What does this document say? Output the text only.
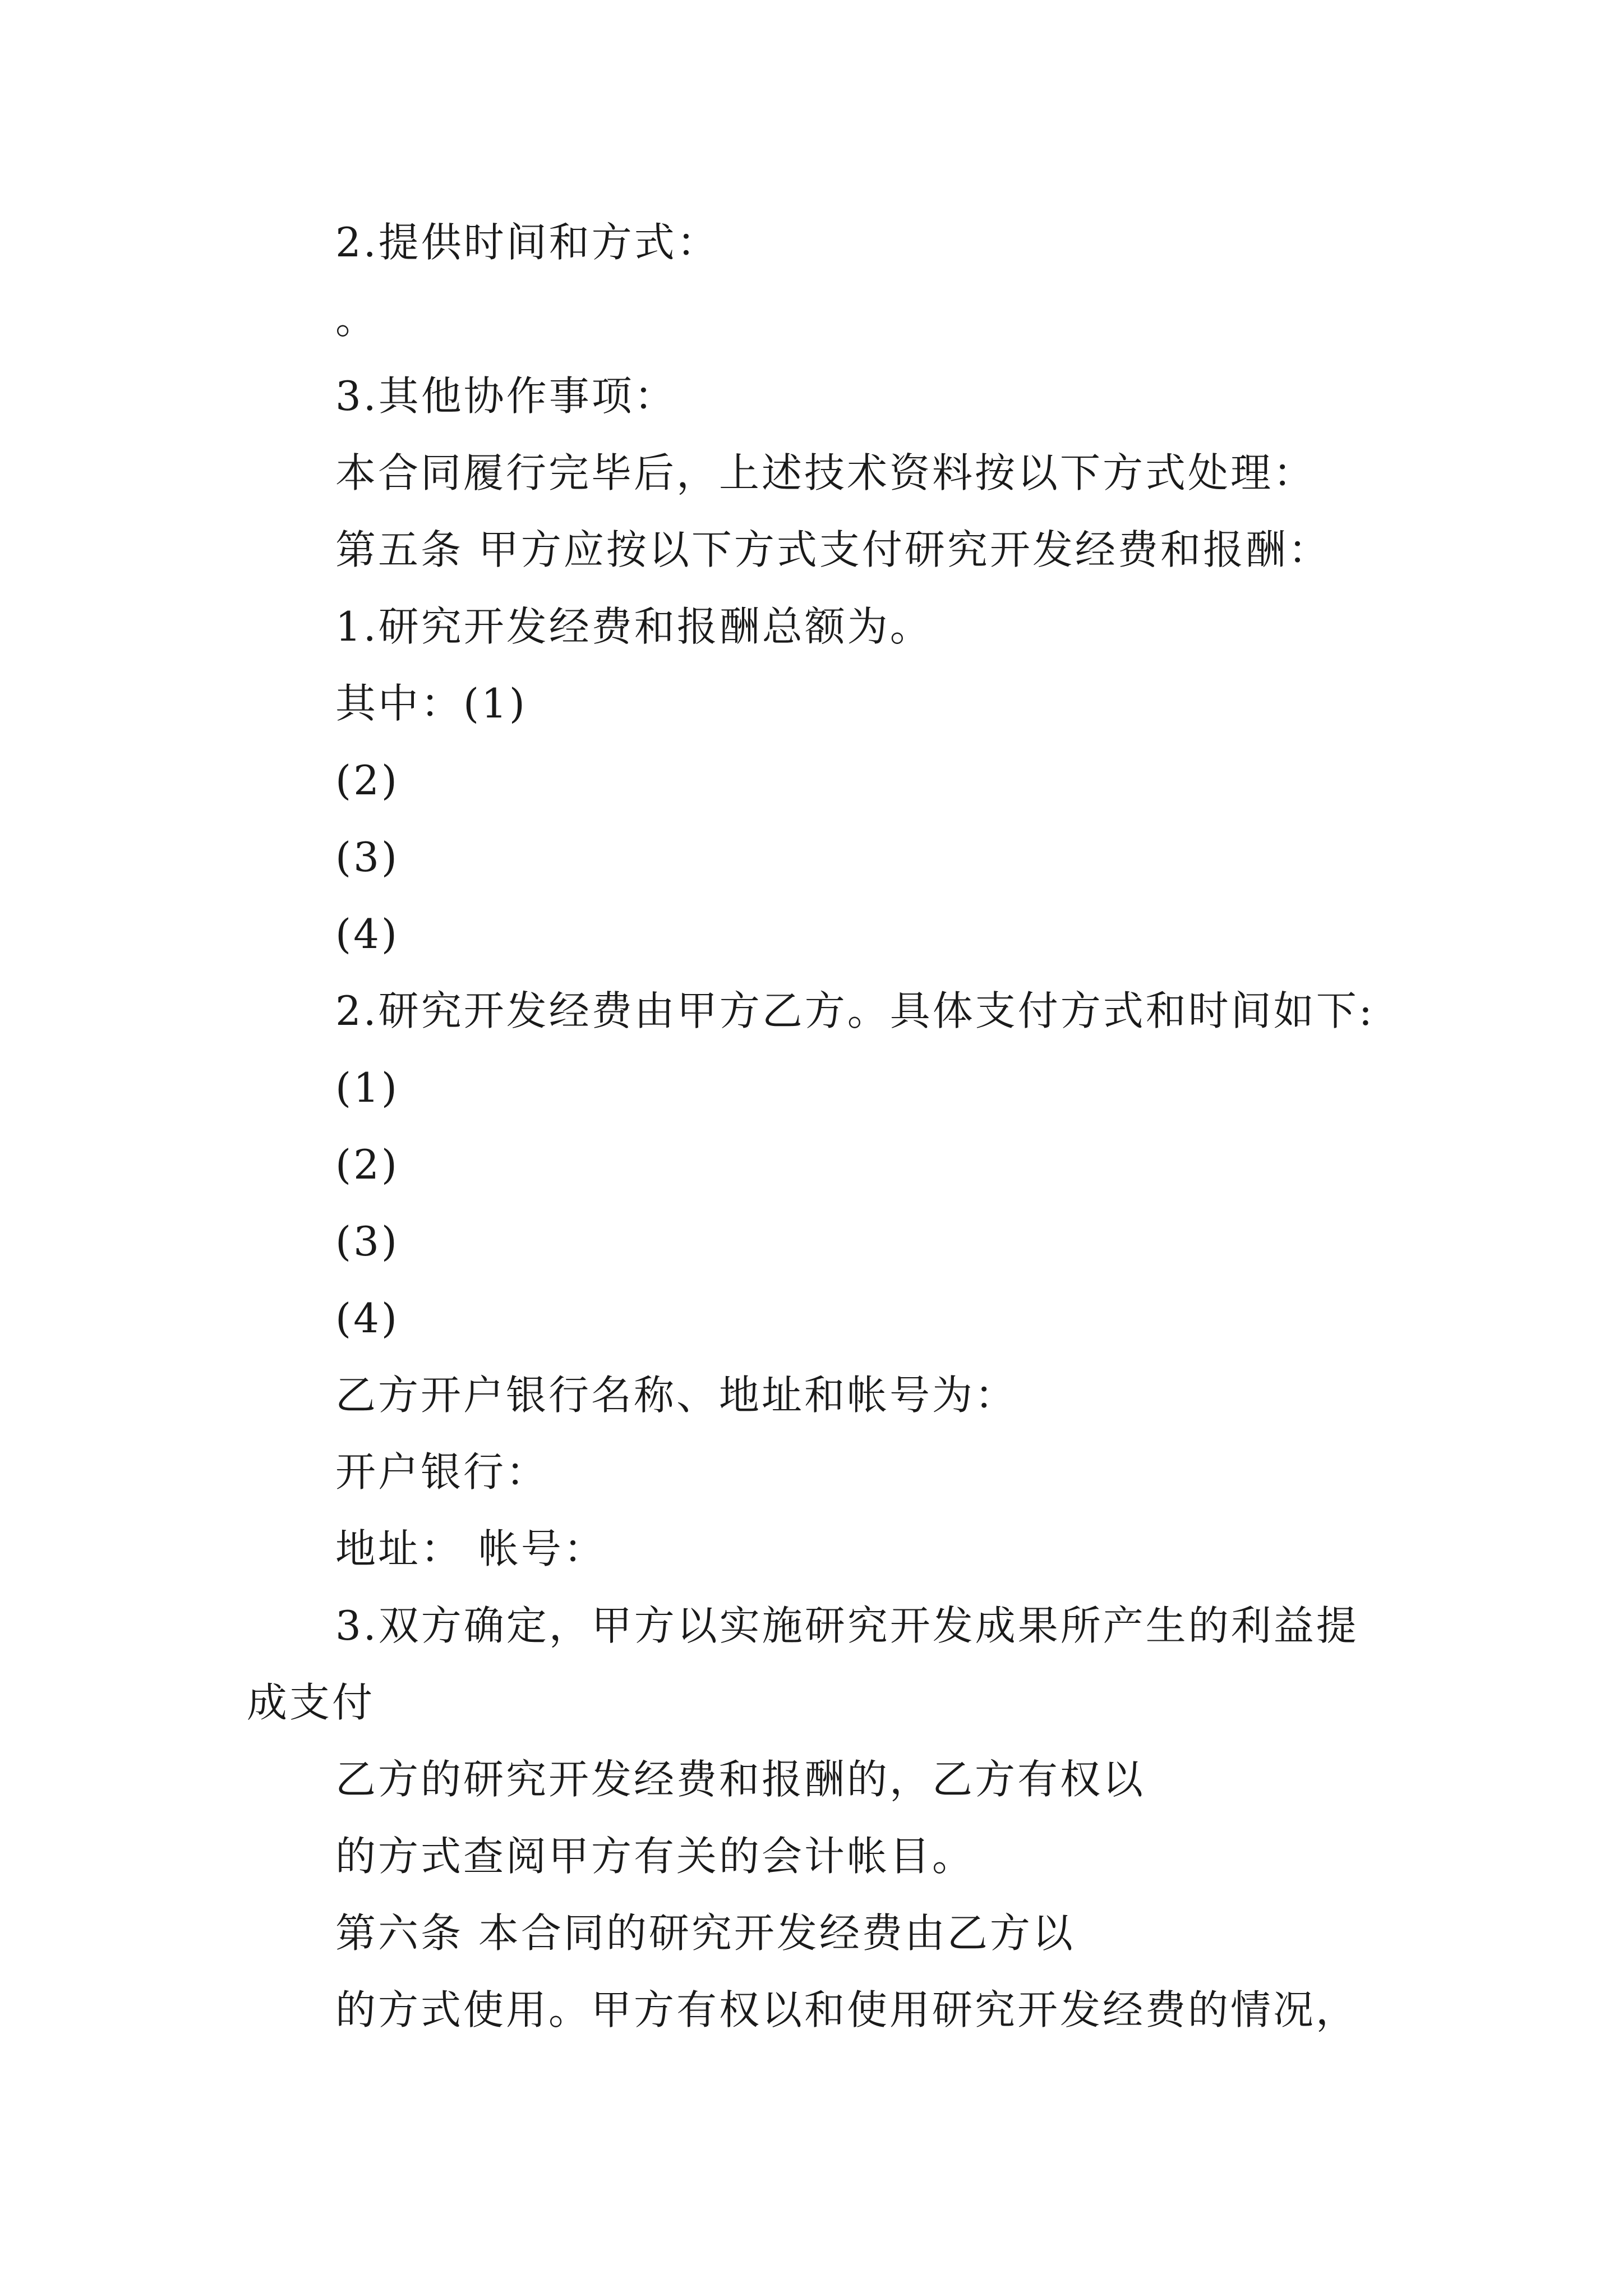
2.提供时间和方式：

。

3.其他协作事项：

本合同履行完毕后，上述技术资料按以下方式处理：

第五条 甲方应按以下方式支付研究开发经费和报酬：

1.研究开发经费和报酬总额为。

其中：(1)

(2)

(3)

(4)

2.研究开发经费由甲方乙方。具体支付方式和时间如下:

(1)

(2)

(3)

(4)

乙方开户银行名称、地址和帐号为：

开户银行：

地址： 帐号：

3.双方确定，甲方以实施研究开发成果所产生的利益提

成支付

乙方的研究开发经费和报酬的，乙方有权以

的方式查阅甲方有关的会计帐目。

第六条 本合同的研究开发经费由乙方以

的方式使用。甲方有权以和使用研究开发经费的情况，
